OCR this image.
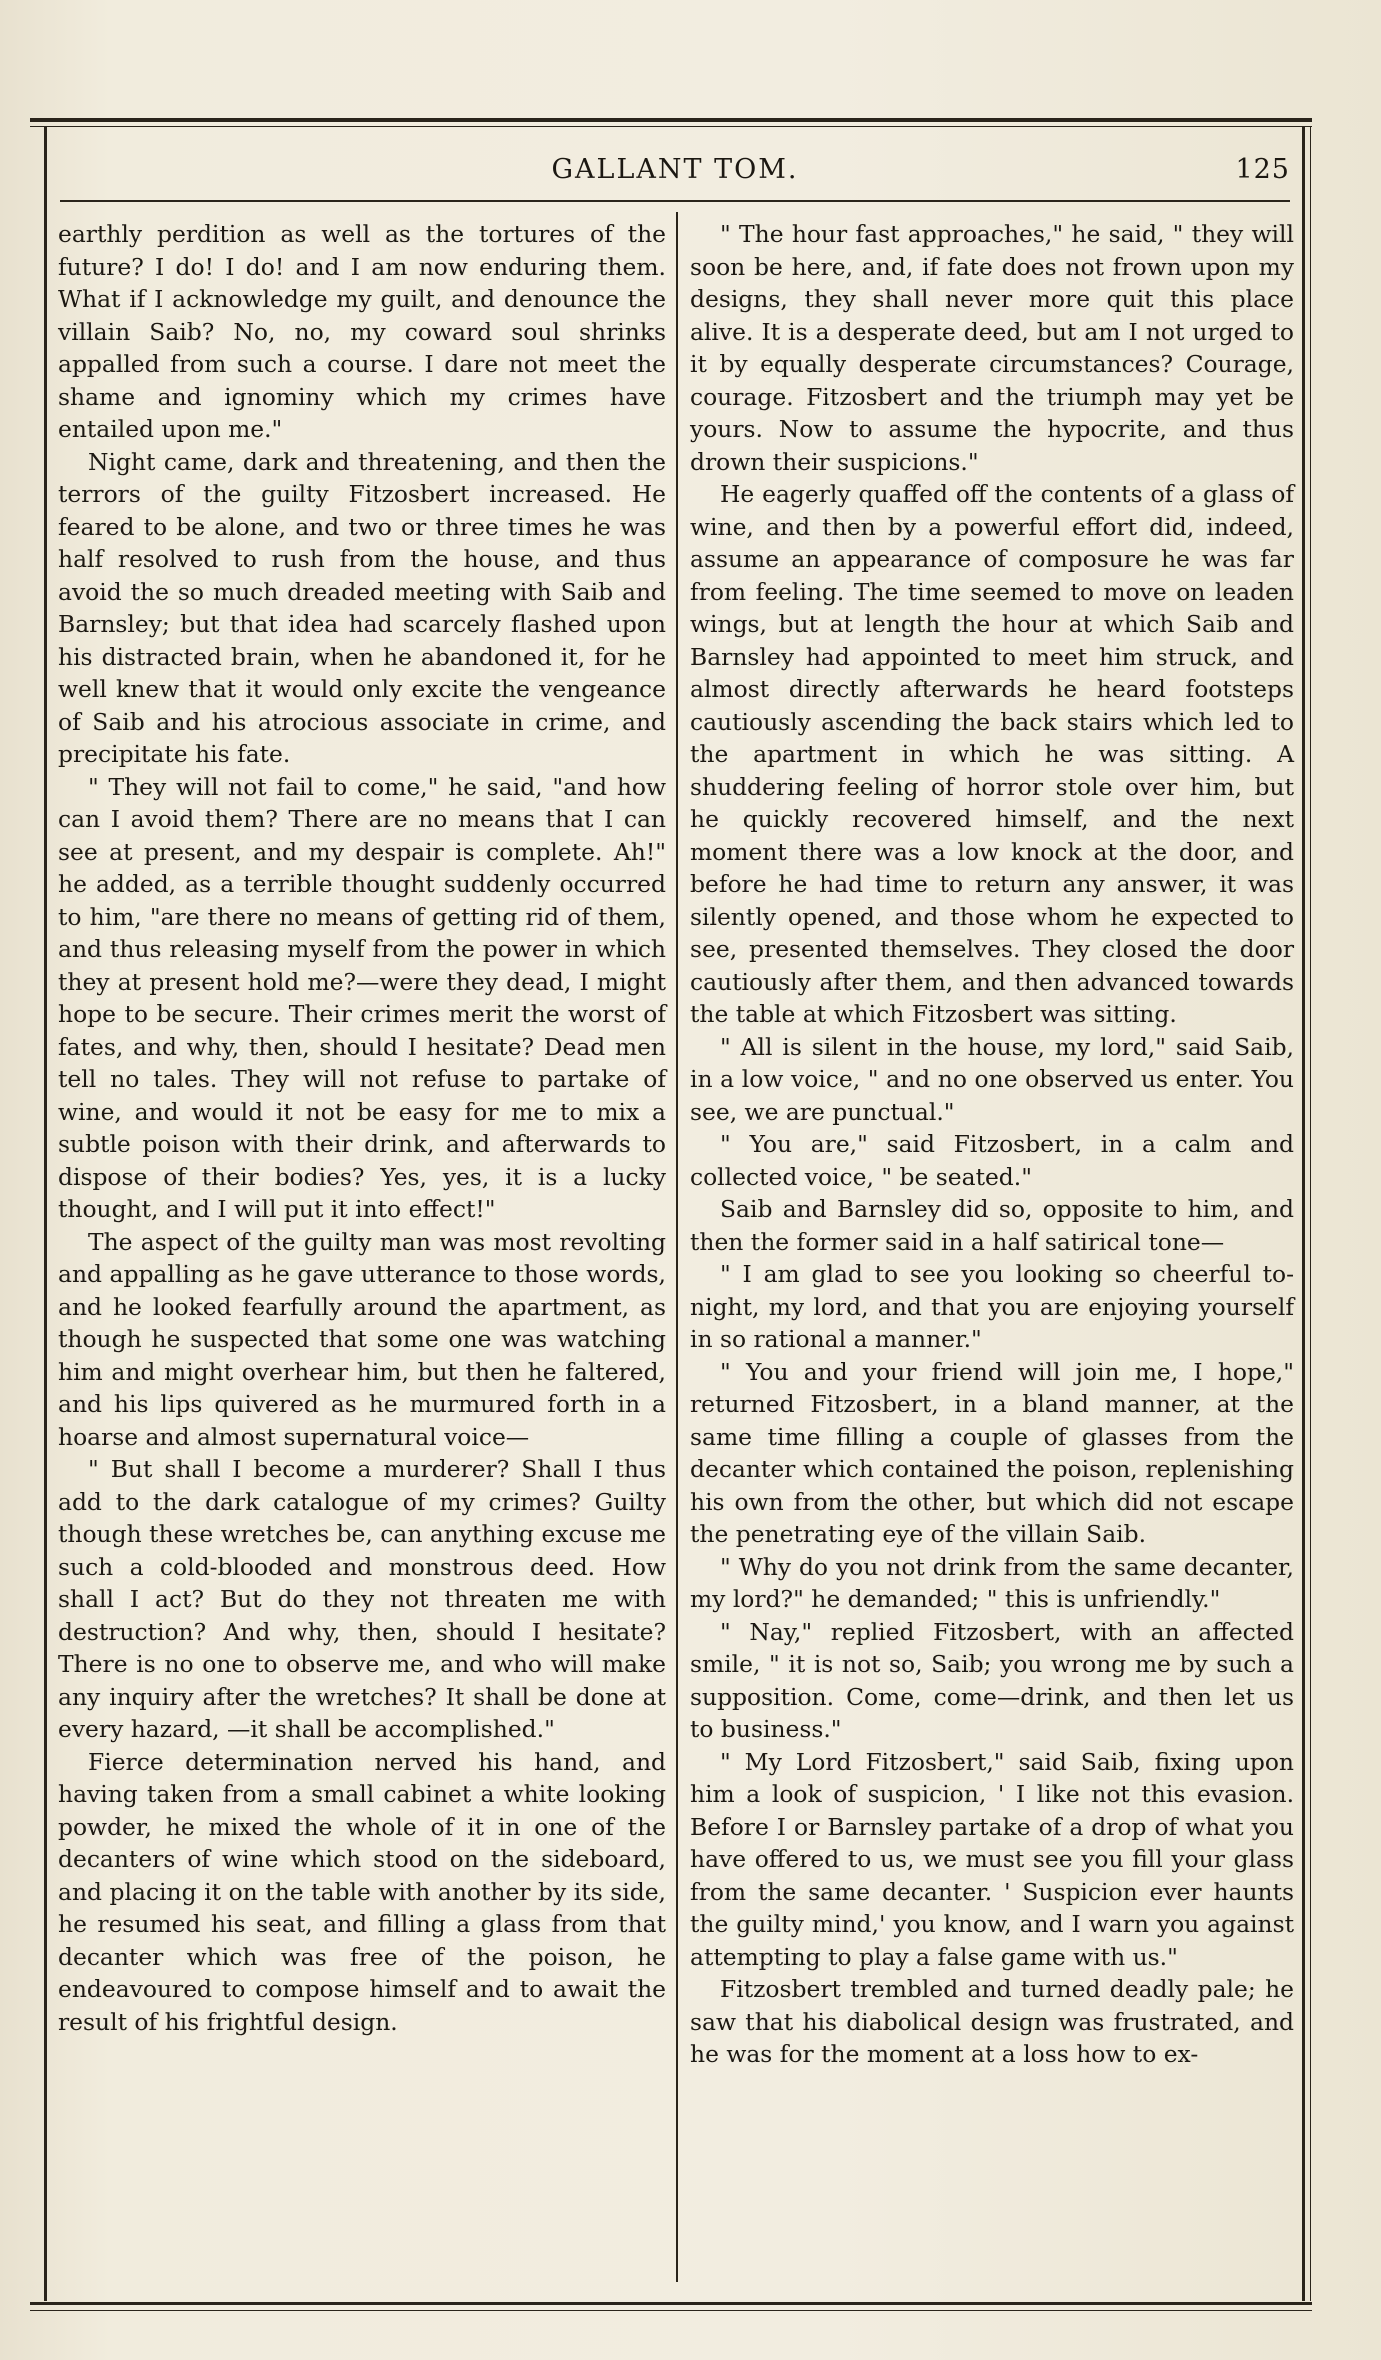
GALLANT TOM.	125

earthly perdition as well as the tortures of the future? I do! I do! and I am now enduring them. What if I acknowledge my guilt, and denounce the villain Saib? No, no, my coward soul shrinks appalled from such a course. I dare not meet the shame and ignominy which my crimes have entailed upon me."

Night came, dark and threatening, and then the terrors of the guilty Fitzosbert increased. He feared to be alone, and two or three times he was half resolved to rush from the house, and thus avoid the so much dreaded meeting with Saib and Barnsley; but that idea had scarcely flashed upon his distracted brain, when he abandoned it, for he well knew that it would only excite the vengeance of Saib and his atrocious associate in crime, and precipitate his fate.

" They will not fail to come," he said, "and how can I avoid them? There are no means that I can see at present, and my despair is complete. Ah!" he added, as a terrible thought suddenly occurred to him, "are there no means of getting rid of them, and thus releasing myself from the power in which they at present hold me?—were they dead, I might hope to be secure. Their crimes merit the worst of fates, and why, then, should I hesitate? Dead men tell no tales. They will not refuse to partake of wine, and would it not be easy for me to mix a subtle poison with their drink, and afterwards to dispose of their bodies? Yes, yes, it is a lucky thought, and I will put it into effect!"

The aspect of the guilty man was most revolting and appalling as he gave utterance to those words, and he looked fearfully around the apartment, as though he suspected that some one was watching him and might overhear him, but then he faltered, and his lips quivered as he murmured forth in a hoarse and almost supernatural voice—

" But shall I become a murderer? Shall I thus add to the dark catalogue of my crimes? Guilty though these wretches be, can anything excuse me such a cold-blooded and monstrous deed. How shall I act? But do they not threaten me with destruction? And why, then, should I hesitate? There is no one to observe me, and who will make any inquiry after the wretches? It shall be done at every hazard, —it shall be accomplished."

Fierce determination nerved his hand, and having taken from a small cabinet a white looking powder, he mixed the whole of it in one of the decanters of wine which stood on the sideboard, and placing it on the table with another by its side, he resumed his seat, and filling a glass from that decanter which was free of the poison, he endeavoured to compose himself and to await the result of his frightful design.

" The hour fast approaches," he said, " they will soon be here, and, if fate does not frown upon my designs, they shall never more quit this place alive. It is a desperate deed, but am I not urged to it by equally desperate circumstances? Courage, courage. Fitzosbert and the triumph may yet be yours. Now to assume the hypocrite, and thus drown their suspicions."

He eagerly quaffed off the contents of a glass of wine, and then by a powerful effort did, indeed, assume an appearance of composure he was far from feeling. The time seemed to move on leaden wings, but at length the hour at which Saib and Barnsley had appointed to meet him struck, and almost directly afterwards he heard footsteps cautiously ascending the back stairs which led to the apartment in which he was sitting. A shuddering feeling of horror stole over him, but he quickly recovered himself, and the next moment there was a low knock at the door, and before he had time to return any answer, it was silently opened, and those whom he expected to see, presented themselves. They closed the door cautiously after them, and then advanced towards the table at which Fitzosbert was sitting.

" All is silent in the house, my lord," said Saib, in a low voice, " and no one observed us enter. You see, we are punctual."

" You are," said Fitzosbert, in a calm and collected voice, " be seated."

Saib and Barnsley did so, opposite to him, and then the former said in a half satirical tone—

" I am glad to see you looking so cheerful to-night, my lord, and that you are enjoying yourself in so rational a manner."

" You and your friend will join me, I hope," returned Fitzosbert, in a bland manner, at the same time filling a couple of glasses from the decanter which contained the poison, replenishing his own from the other, but which did not escape the penetrating eye of the villain Saib.

" Why do you not drink from the same decanter, my lord?" he demanded; " this is unfriendly."

" Nay," replied Fitzosbert, with an affected smile, " it is not so, Saib; you wrong me by such a supposition. Come, come—drink, and then let us to business."

" My Lord Fitzosbert," said Saib, fixing upon him a look of suspicion, ' I like not this evasion. Before I or Barnsley partake of a drop of what you have offered to us, we must see you fill your glass from the same decanter. ' Suspicion ever haunts the guilty mind,' you know, and I warn you against attempting to play a false game with us."

Fitzosbert trembled and turned deadly pale; he saw that his diabolical design was frustrated, and he was for the moment at a loss how to ex-
